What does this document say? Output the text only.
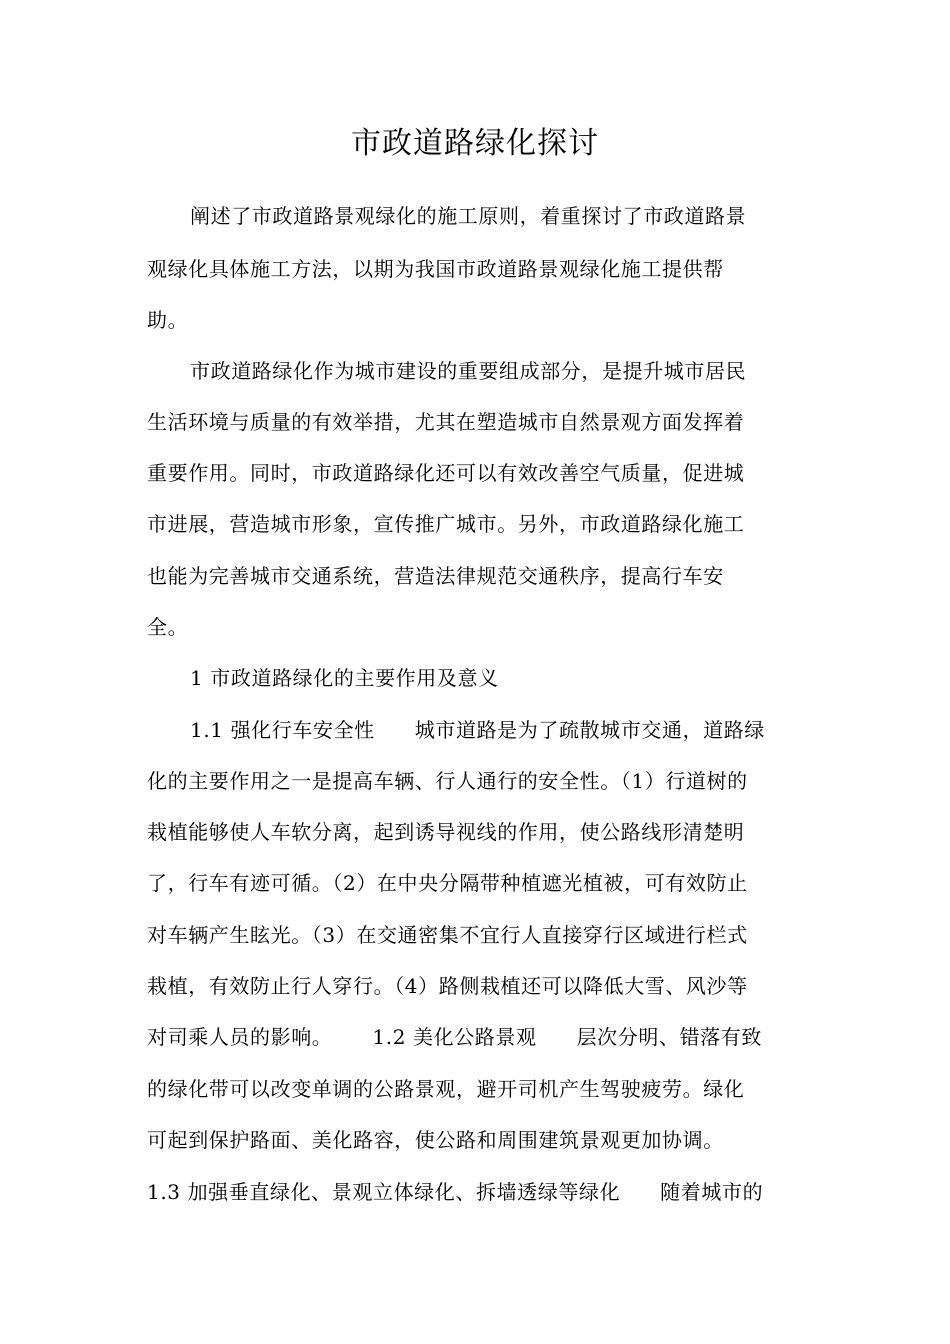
市政道路绿化探讨
阐述了市政道路景观绿化的施工原则，着重探讨了市政道路景
观绿化具体施工方法，以期为我国市政道路景观绿化施工提供帮
助。
市政道路绿化作为城市建设的重要组成部分，是提升城市居民
生活环境与质量的有效举措，尤其在塑造城市自然景观方面发挥着
重要作用。同时，市政道路绿化还可以有效改善空气质量，促进城
市进展，营造城市形象，宣传推广城市。另外，市政道路绿化施工
也能为完善城市交通系统，营造法律规范交通秩序，提高行车安
全。
1 市政道路绿化的主要作用及意义
1.1 强化行车安全性 城市道路是为了疏散城市交通，道路绿
化的主要作用之一是提高车辆、行人通行的安全性。（1）行道树的
栽植能够使人车软分离，起到诱导视线的作用，使公路线形清楚明
了，行车有迹可循。（2）在中央分隔带种植遮光植被，可有效防止
对车辆产生眩光。（3）在交通密集不宜行人直接穿行区域进行栏式
栽植，有效防止行人穿行。（4）路侧栽植还可以降低大雪、风沙等
对司乘人员的影响。 1.2 美化公路景观 层次分明、错落有致
的绿化带可以改变单调的公路景观，避开司机产生驾驶疲劳。绿化
可起到保护路面、美化路容，使公路和周围建筑景观更加协调。
1.3 加强垂直绿化、景观立体绿化、拆墙透绿等绿化 随着城市的
